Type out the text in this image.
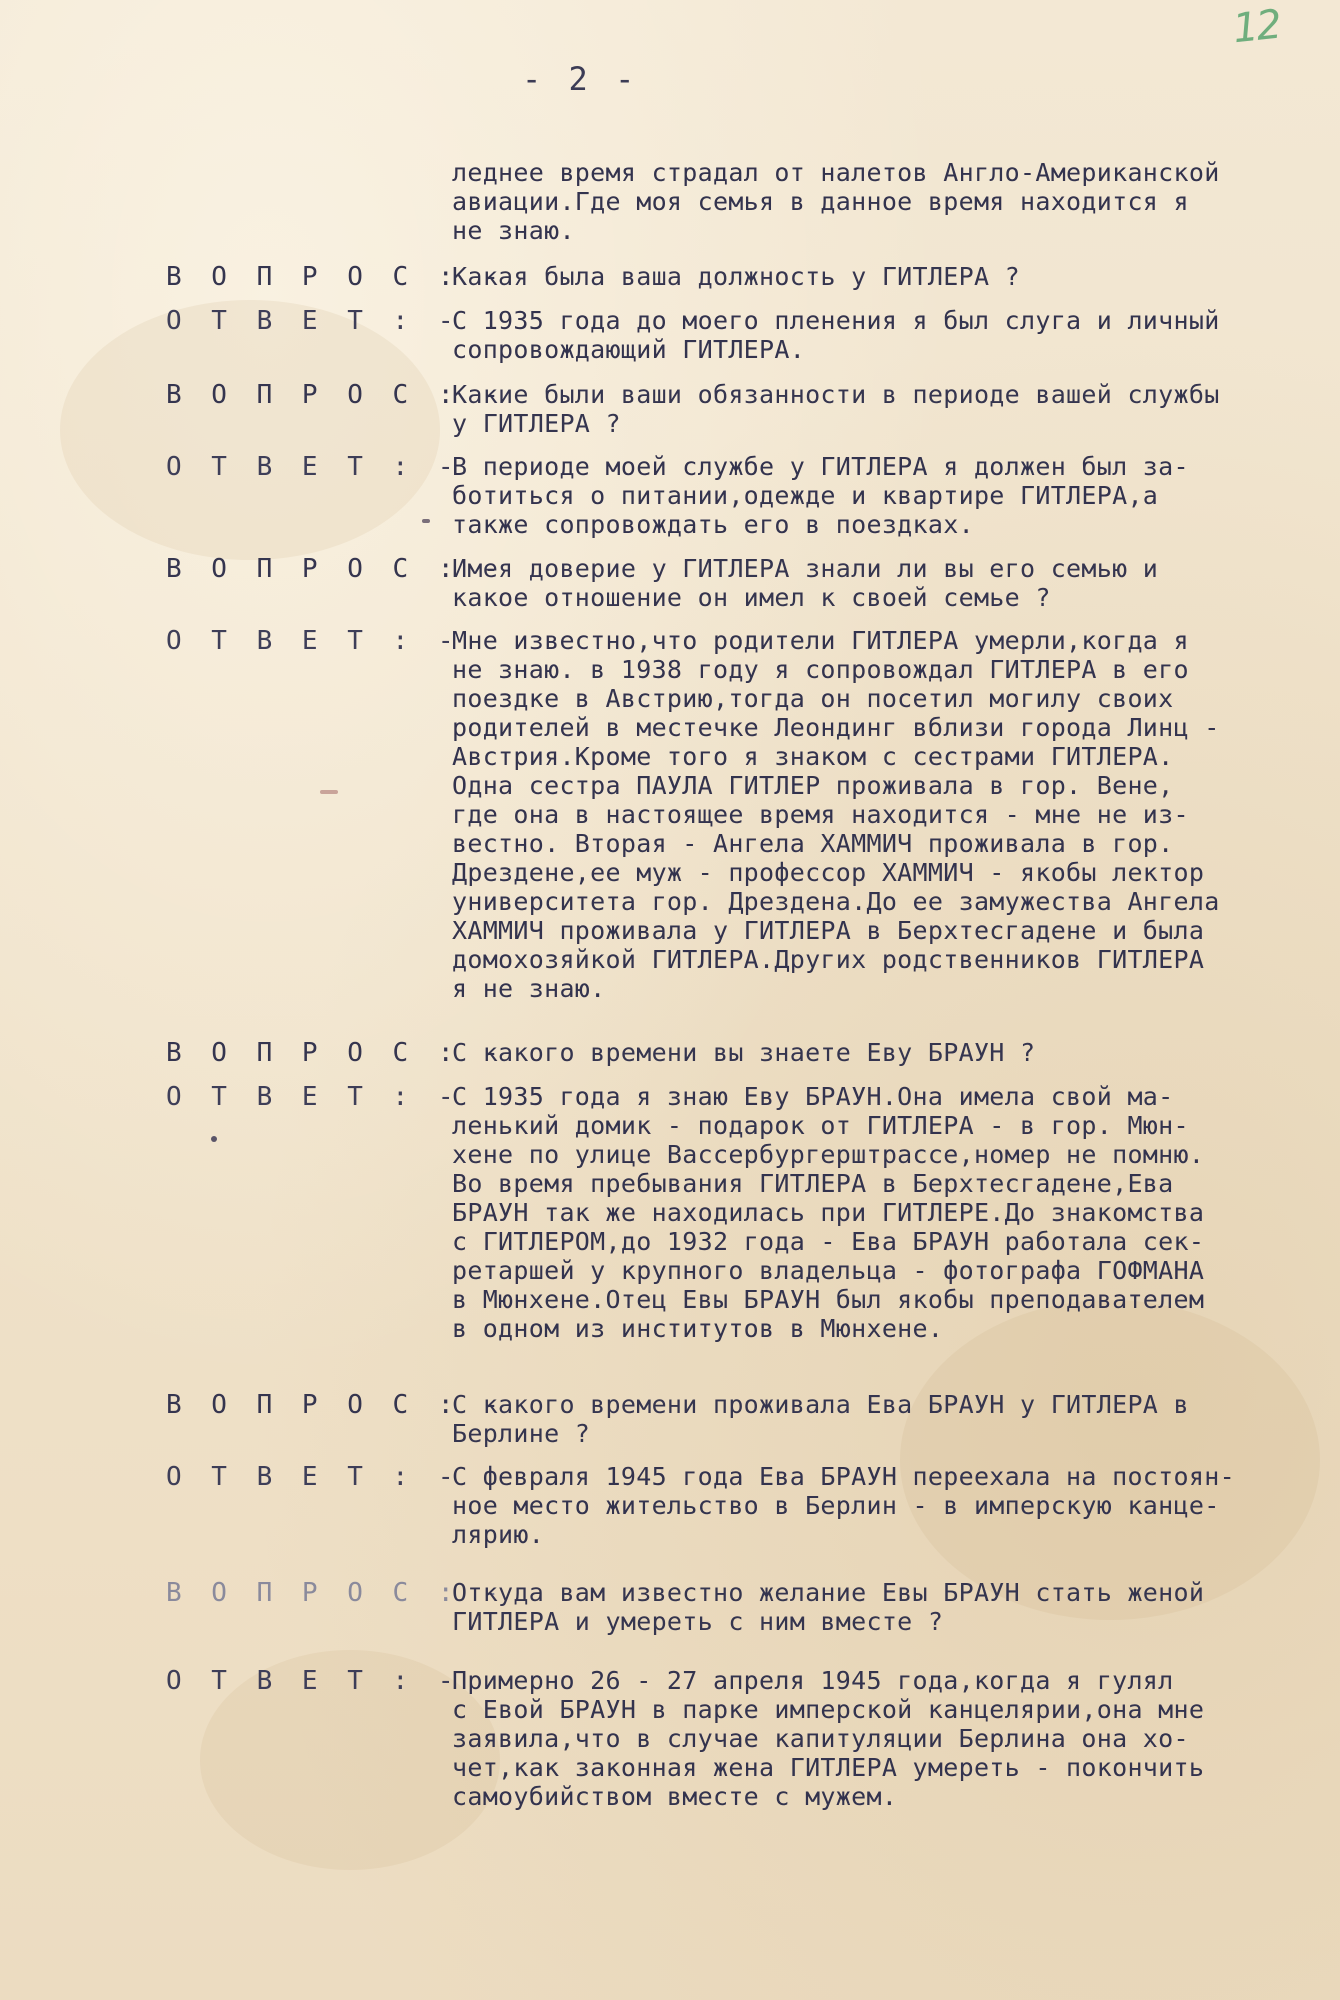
12
- 2 -
леднее время страдал от налетов Англо-Американской
авиации.Где моя семья в данное время находится я
не знаю.
В О П Р О С : -
Какая была ваша должность у ГИТЛЕРА ?
О Т В Е Т : -
С 1935 года до моего пленения я был слуга и личный
сопровождающий ГИТЛЕРА.
В О П Р О С : -
Какие были ваши обязанности в периоде вашей службы
у ГИТЛЕРА ?
О Т В Е Т : -
В периоде моей службе у ГИТЛЕРА я должен был за-
ботиться о питании,одежде и квартире ГИТЛЕРА,а
также сопровождать его в поездках.
В О П Р О С : -
Имея доверие у ГИТЛЕРА знали ли вы его семью и
какое отношение он имел к своей семье ?
О Т В Е Т : -
Мне известно,что родители ГИТЛЕРА умерли,когда я
не знаю. в 1938 году я сопровождал ГИТЛЕРА в его
поездке в Австрию,тогда он посетил могилу своих
родителей в местечке Леондинг вблизи города Линц -
Австрия.Кроме того я знаком с сестрами ГИТЛЕРА.
Одна сестра ПАУЛА ГИТЛЕР проживала в гор. Вене,
где она в настоящее время находится - мне не из-
вестно. Вторая - Ангела ХАММИЧ проживала в гор.
Дрездене,ее муж - профессор ХАММИЧ - якобы лектор
университета гор. Дрездена.До ее замужества Ангела
ХАММИЧ проживала у ГИТЛЕРА в Берхтесгадене и была
домохозяйкой ГИТЛЕРА.Других родственников ГИТЛЕРА
я не знаю.
В О П Р О С : -
С какого времени вы знаете Еву БРАУН ?
О Т В Е Т : -
С 1935 года я знаю Еву БРАУН.Она имела свой ма-
ленький домик - подарок от ГИТЛЕРА - в гор. Мюн-
хене по улице Вассербургерштрассе,номер не помню.
Во время пребывания ГИТЛЕРА в Берхтесгадене,Ева
БРАУН так же находилась при ГИТЛЕРЕ.До знакомства
с ГИТЛЕРОМ,до 1932 года - Ева БРАУН работала сек-
ретаршей у крупного владельца - фотографа ГОФМАНА
в Мюнхене.Отец Евы БРАУН был якобы преподавателем
в одном из институтов в Мюнхене.
В О П Р О С : -
С какого времени проживала Ева БРАУН у ГИТЛЕРА в
Берлине ?
О Т В Е Т : -
С февраля 1945 года Ева БРАУН переехала на постоян-
ное место жительство в Берлин - в имперскую канце-
лярию.
В О П Р О С : -
Откуда вам известно желание Евы БРАУН стать женой
ГИТЛЕРА и умереть с ним вместе ?
О Т В Е Т : -
Примерно 26 - 27 апреля 1945 года,когда я гулял
с Евой БРАУН в парке имперской канцелярии,она мне
заявила,что в случае капитуляции Берлина она хо-
чет,как законная жена ГИТЛЕРА умереть - покончить
самоубийством вместе с мужем.
